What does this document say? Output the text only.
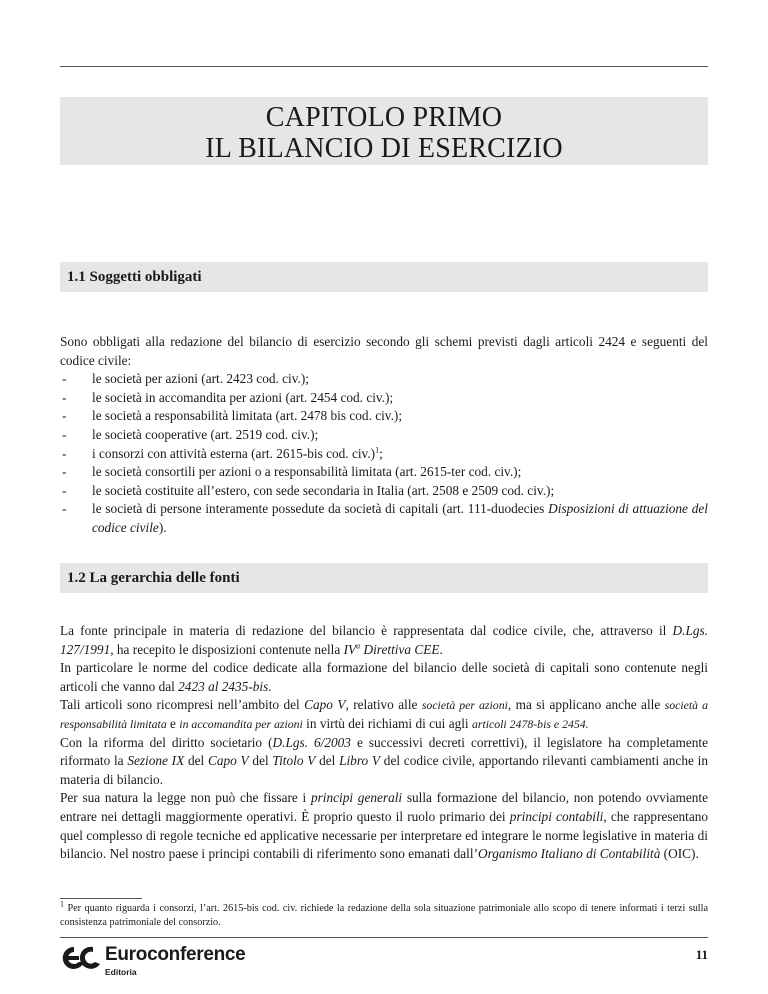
CAPITOLO PRIMO
IL BILANCIO DI ESERCIZIO
1.1 Soggetti obbligati

Sono obbligati alla redazione del bilancio di esercizio secondo gli schemi previsti dagli articoli 2424 e seguenti del codice civile:

- le società per azioni (art. 2423 cod. civ.);
- le società in accomandita per azioni (art. 2454 cod. civ.);
- le società a responsabilità limitata (art. 2478 bis cod. civ.);
- le società cooperative (art. 2519 cod. civ.);
- i consorzi con attività esterna (art. 2615-bis cod. civ.)$^1$;
- le società consortili per azioni o a responsabilità limitata (art. 2615-ter cod. civ.);
- le società costituite all’estero, con sede secondaria in Italia (art. 2508 e 2509 cod. civ.);
- le società di persone interamente possedute da società di capitali (art. 111-duodecies Disposizioni di attuazione del codice civile).
1.2 La gerarchia delle fonti

La fonte principale in materia di redazione del bilancio è rappresentata dal codice civile, che, attraverso il D.Lgs. 127/1991, ha recepito le disposizioni contenute nella $IV^a$ Direttiva CEE.

In particolare le norme del codice dedicate alla formazione del bilancio delle società di capitali sono contenute negli articoli che vanno dal 2423 al 2435-bis.

Tali articoli sono ricompresi nell’ambito del Capo V, relativo alle società per azioni, ma si applicano anche alle società a responsabilità limitata e in accomandita per azioni in virtù dei richiami di cui agli articoli 2478-bis e 2454.

Con la riforma del diritto societario (D.Lgs. 6/2003 e successivi decreti correttivi), il legislatore ha completamente riformato la Sezione IX del Capo V del Titolo V del Libro V del codice civile, apportando rilevanti cambiamenti anche in materia di bilancio.

Per sua natura la legge non può che fissare i principi generali sulla formazione del bilancio, non potendo ovviamente entrare nei dettagli maggiormente operativi. È proprio questo il ruolo primario dei principi contabili, che rappresentano quel complesso di regole tecniche ed applicative necessarie per interpretare ed integrare le norme legislative in materia di bilancio. Nel nostro paese i principi contabili di riferimento sono emanati dall’Organismo Italiano di Contabilità (OIC).

$^1$ Per quanto riguarda i consorzi, l’art. 2615-bis cod. civ. richiede la redazione della sola situazione patrimoniale allo scopo di tenere informati i terzi sulla consistenza patrimoniale del consorzio.
Euroconference
Editoria
11
